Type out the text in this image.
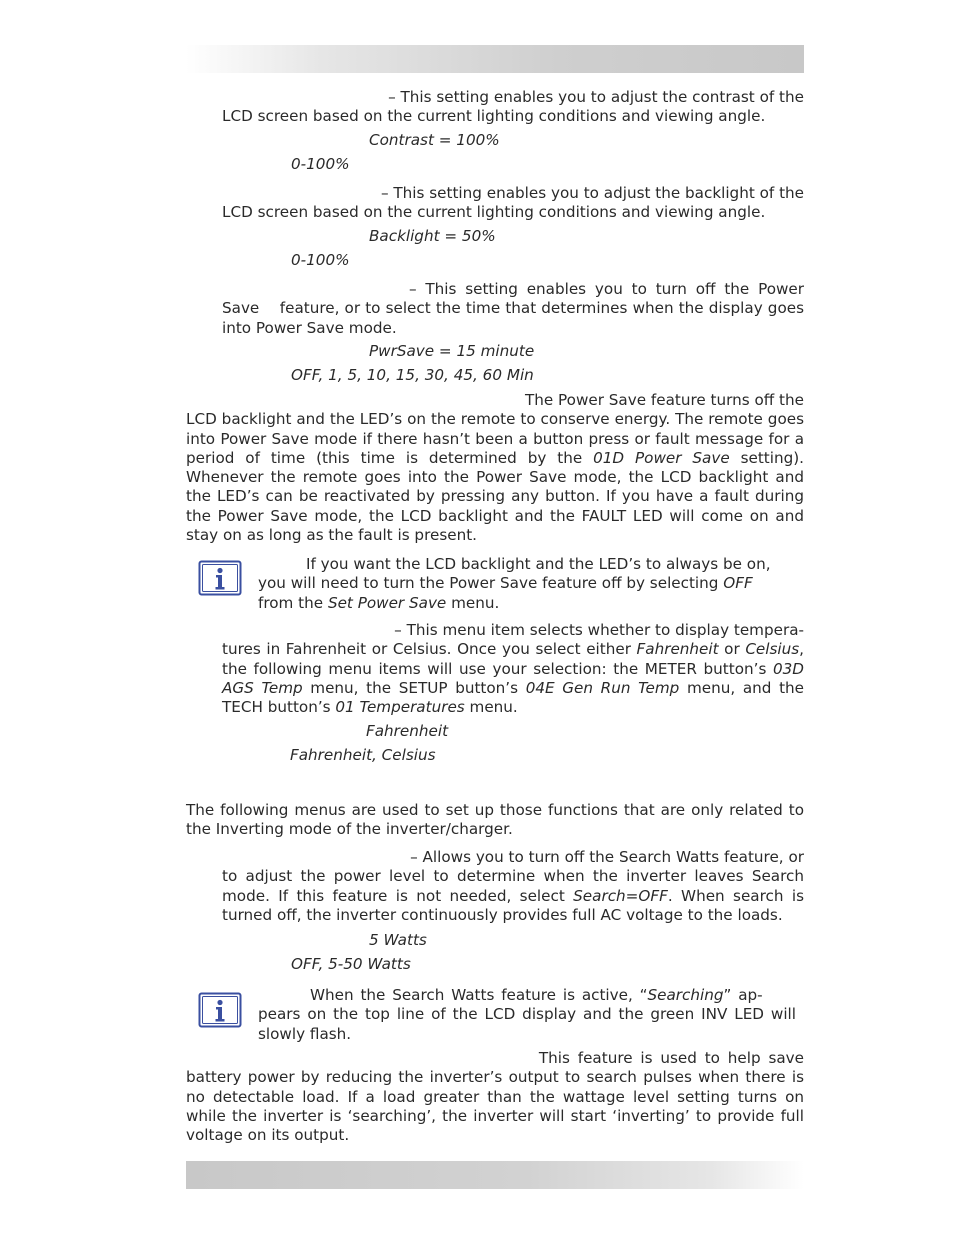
– This setting enables you to adjust the contrast of the
LCD screen based on the current lighting conditions and viewing angle.
Contrast = 100%
0-100%
– This setting enables you to adjust the backlight of the
LCD screen based on the current lighting conditions and viewing angle.
Backlight = 50%
0-100%
– This setting enables you to turn off the Power
Save    feature, or to select the time that determines when the display goes into Power Save mode.
PwrSave = 15 minute
OFF, 1, 5, 10, 15, 30, 45, 60 Min
The Power Save feature turns off the
LCD backlight and the LED’s on the remote to conserve energy. The remote goes into Power Save mode if there hasn’t been a button press or fault message for a period of time (this time is determined by the 01D Power Save setting). Whenever the remote goes into the Power Save mode, the LCD backlight and the LED’s can be reactivated by pressing any button. If you have a fault during the Power Save mode, the LCD backlight and the FAULT LED will come on and stay on as long as the fault is present.
If you want the LCD backlight and the LED’s to always be on,
you will need to turn the Power Save feature off by selecting OFF
from the Set Power Save menu.
– This menu item selects whether to display tempera-
tures in Fahrenheit or Celsius. Once you select either Fahrenheit or Celsius, the following menu items will use your selection: the METER button’s 03D AGS Temp menu, the SETUP button’s 04E Gen Run Temp menu, and the TECH button’s 01 Temperatures menu.
Fahrenheit
Fahrenheit, Celsius
The following menus are used to set up those functions that are only related to the Inverting mode of the inverter/charger.
– Allows you to turn off the Search Watts feature, or
to adjust the power level to determine when the inverter leaves Search mode. If this feature is not needed, select Search=OFF. When search is turned off, the inverter continuously provides full AC voltage to the loads.
5 Watts
OFF, 5-50 Watts
When the Search Watts feature is active, “Searching” ap-
pears on the top line of the LCD display and the green INV LED will slowly flash.
This feature is used to help save
battery power by reducing the inverter’s output to search pulses when there is no detectable load. If a load greater than the wattage level setting turns on while the inverter is ‘searching’, the inverter will start ‘inverting’ to provide full voltage on its output.
